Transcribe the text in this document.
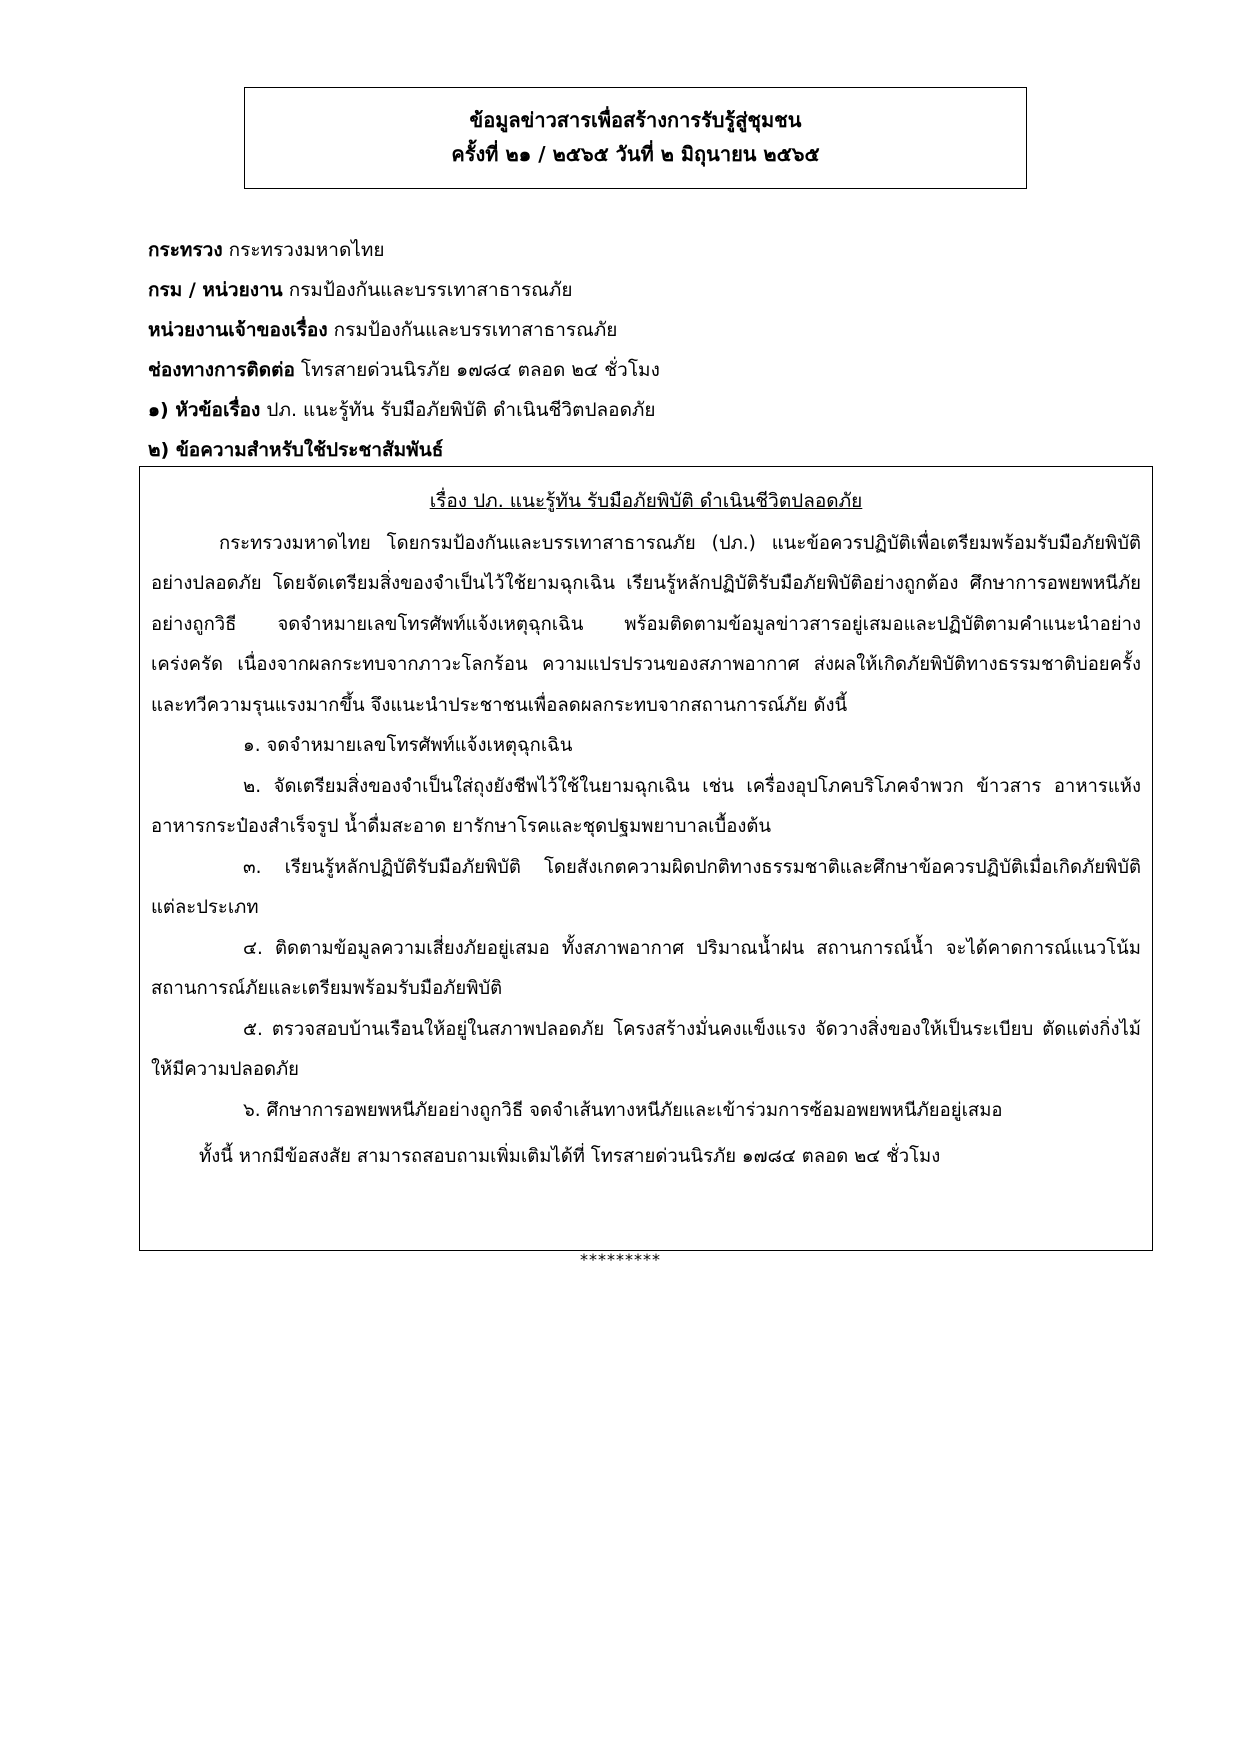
ข้อมูลข่าวสารเพื่อสร้างการรับรู้สู่ชุมชน
ครั้งที่ ๒๑ / ๒๕๖๕ วันที่ ๒ มิถุนายน ๒๕๖๕
กระทรวง กระทรวงมหาดไทย
กรม / หน่วยงาน กรมป้องกันและบรรเทาสาธารณภัย
หน่วยงานเจ้าของเรื่อง กรมป้องกันและบรรเทาสาธารณภัย
ช่องทางการติดต่อ โทรสายด่วนนิรภัย ๑๗๘๔ ตลอด ๒๔ ชั่วโมง
๑) หัวข้อเรื่อง ปภ. แนะรู้ทัน รับมือภัยพิบัติ ดำเนินชีวิตปลอดภัย
๒) ข้อความสำหรับใช้ประชาสัมพันธ์
เรื่อง ปภ. แนะรู้ทัน รับมือภัยพิบัติ ดำเนินชีวิตปลอดภัย

กระทรวงมหาดไทย โดยกรมป้องกันและบรรเทาสาธารณภัย (ปภ.) แนะข้อควรปฏิบัติเพื่อเตรียมพร้อมรับมือภัยพิบัติอย่างปลอดภัย โดยจัดเตรียมสิ่งของจำเป็นไว้ใช้ยามฉุกเฉิน เรียนรู้หลักปฏิบัติรับมือภัยพิบัติอย่างถูกต้อง ศึกษาการอพยพหนีภัยอย่างถูกวิธี จดจำหมายเลขโทรศัพท์แจ้งเหตุฉุกเฉิน พร้อมติดตามข้อมูลข่าวสารอยู่เสมอและปฏิบัติตามคำแนะนำอย่างเคร่งครัด เนื่องจากผลกระทบจากภาวะโลกร้อน ความแปรปรวนของสภาพอากาศ ส่งผลให้เกิดภัยพิบัติทางธรรมชาติบ่อยครั้งและทวีความรุนแรงมากขึ้น จึงแนะนำประชาชนเพื่อลดผลกระทบจากสถานการณ์ภัย ดังนี้

๑. จดจำหมายเลขโทรศัพท์แจ้งเหตุฉุกเฉิน

๒. จัดเตรียมสิ่งของจำเป็นใส่ถุงยังชีพไว้ใช้ในยามฉุกเฉิน เช่น เครื่องอุปโภคบริโภคจำพวก ข้าวสาร อาหารแห้ง อาหารกระป๋องสำเร็จรูป น้ำดื่มสะอาด ยารักษาโรคและชุดปฐมพยาบาลเบื้องต้น

๓. เรียนรู้หลักปฏิบัติรับมือภัยพิบัติ โดยสังเกตความผิดปกติทางธรรมชาติและศึกษาข้อควรปฏิบัติเมื่อเกิดภัยพิบัติแต่ละประเภท

๔. ติดตามข้อมูลความเสี่ยงภัยอยู่เสมอ ทั้งสภาพอากาศ ปริมาณน้ำฝน สถานการณ์น้ำ จะได้คาดการณ์แนวโน้มสถานการณ์ภัยและเตรียมพร้อมรับมือภัยพิบัติ

๕. ตรวจสอบบ้านเรือนให้อยู่ในสภาพปลอดภัย โครงสร้างมั่นคงแข็งแรง จัดวางสิ่งของให้เป็นระเบียบ ตัดแต่งกิ่งไม้ให้มีความปลอดภัย

๖. ศึกษาการอพยพหนีภัยอย่างถูกวิธี จดจำเส้นทางหนีภัยและเข้าร่วมการซ้อมอพยพหนีภัยอยู่เสมอ

ทั้งนี้ หากมีข้อสงสัย สามารถสอบถามเพิ่มเติมได้ที่ โทรสายด่วนนิรภัย ๑๗๘๔ ตลอด ๒๔ ชั่วโมง

*********
